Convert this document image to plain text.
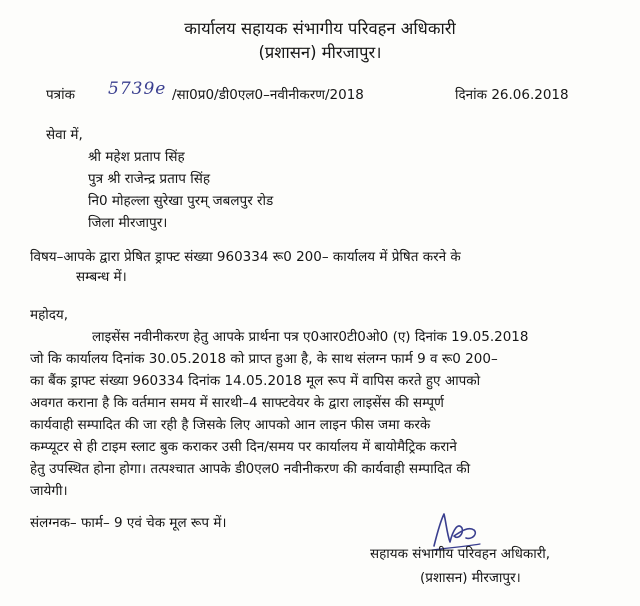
कार्यालय सहायक संभागीय परिवहन अधिकारी
(प्रशासन) मीरजापुर।
पत्रांक 5739e /सा0प्र0/डी0एल0–नवीनीकरण/2018	दिनांक 26.06.2018
सेवा में,
श्री महेश प्रताप सिंह
पुत्र श्री राजेन्द्र प्रताप सिंह
नि0 मोहल्ला सुरेखा पुरम् जबलपुर रोड
जिला मीरजापुर।
विषय–आपके द्वारा प्रेषित ड्राफ्ट संख्या 960334 रू0 200– कार्यालय में प्रेषित करने के
सम्बन्ध में।
महोदय,
लाइसेंस नवीनीकरण हेतु आपके प्रार्थना पत्र ए0आर0टी0ओ0 (ए) दिनांक 19.05.2018
जो कि कार्यालय दिनांक 30.05.2018 को प्राप्त हुआ है, के साथ संलग्न फार्म 9 व रू0 200–
का बैंक ड्राफ्ट संख्या 960334 दिनांक 14.05.2018 मूल रूप में वापिस करते हुए आपको
अवगत कराना है कि वर्तमान समय में सारथी–4 साफ्टवेयर के द्वारा लाइसेंस की सम्पूर्ण
कार्यवाही सम्पादित की जा रही है जिसके लिए आपको आन लाइन फीस जमा करके
कम्प्यूटर से ही टाइम स्लाट बुक कराकर उसी दिन/समय पर कार्यालय में बायोमैट्रिक कराने
हेतु उपस्थित होना होगा। तत्पश्चात आपके डी0एल0 नवीनीकरण की कार्यवाही सम्पादित की
जायेगी।
संलग्नक– फार्म– 9 एवं चेक मूल रूप में।
सहायक संभागीय परिवहन अधिकारी,
(प्रशासन) मीरजापुर।
